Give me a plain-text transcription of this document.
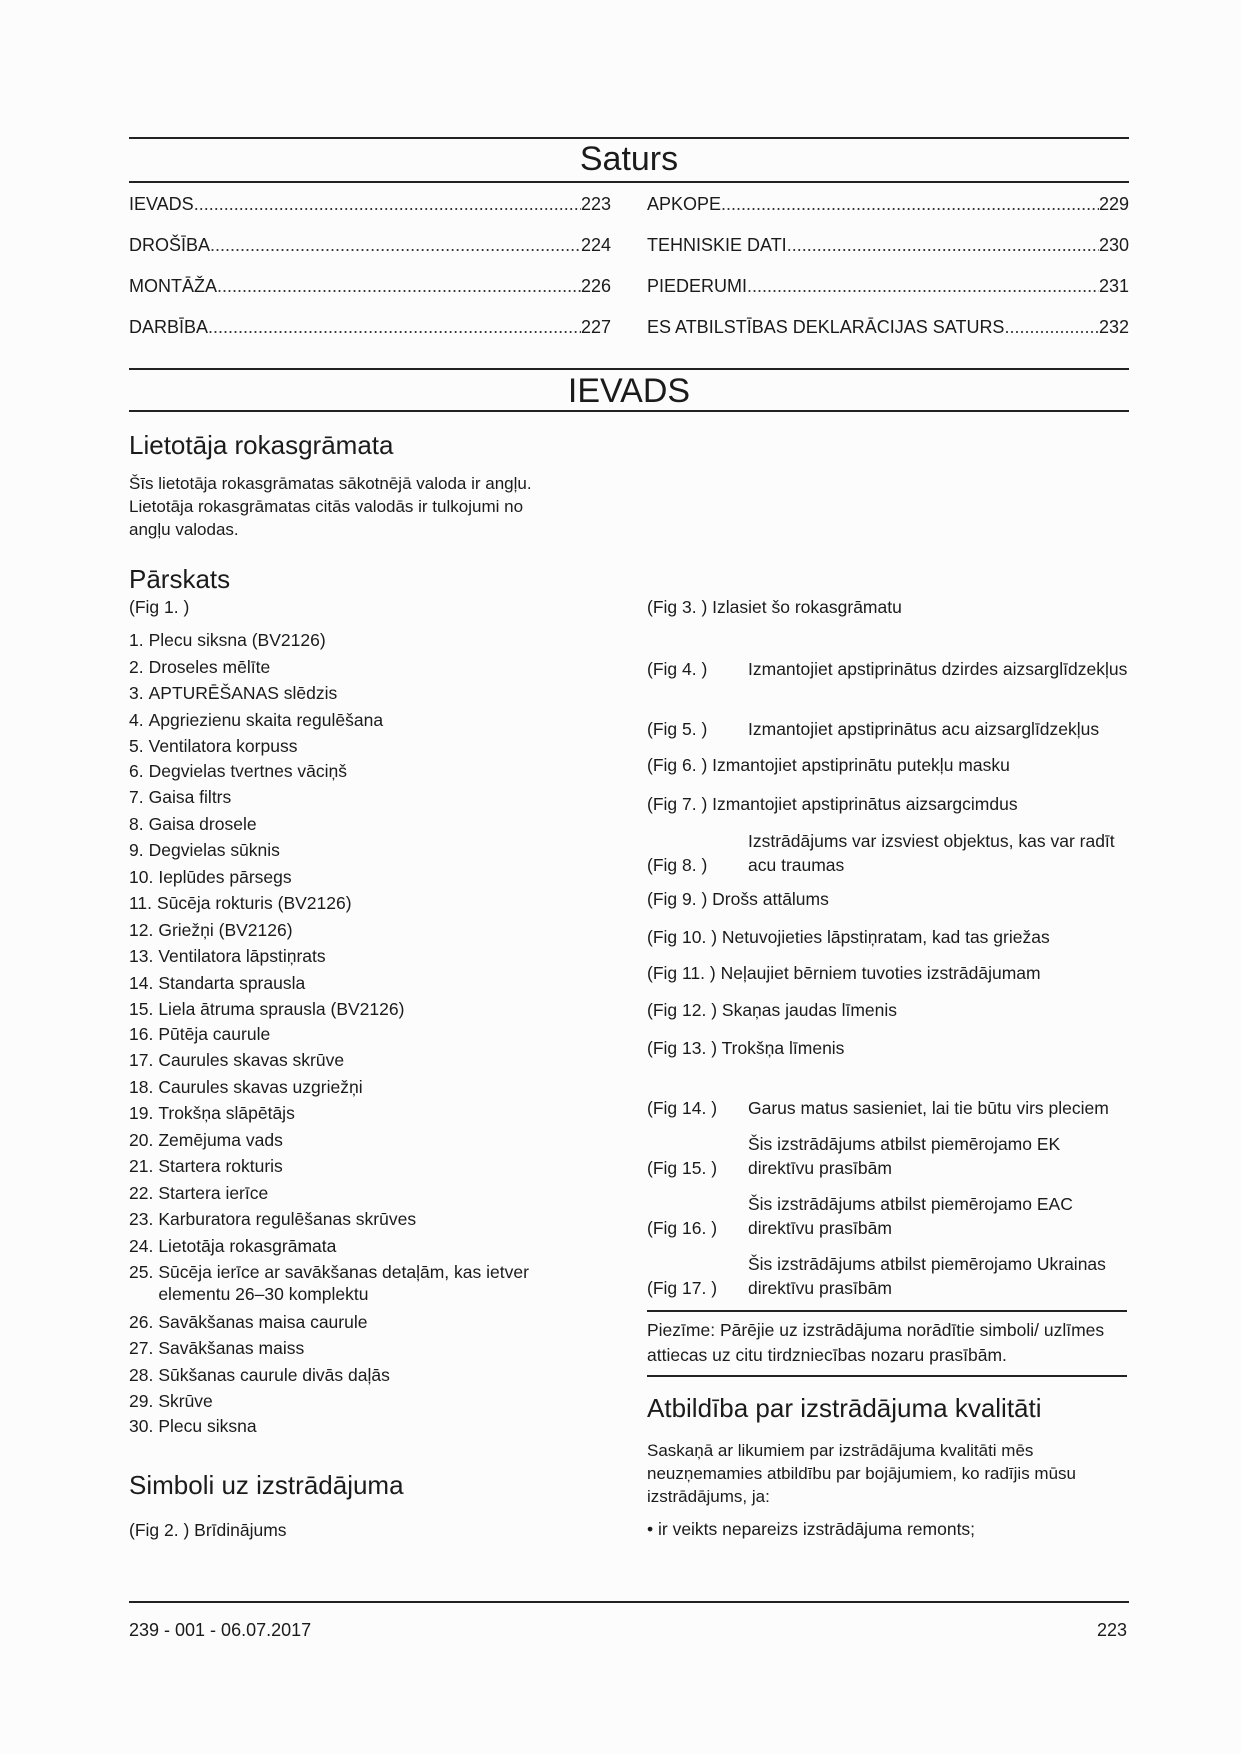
Saturs
IEVADS .....	223
DROŠĪBA .....	224
MONTĀŽA .....	226
DARBĪBA .....	227
APKOPE .....	229
TEHNISKIE DATI .....	230
PIEDERUMI .....	231
ES ATBILSTĪBAS DEKLARĀCIJAS SATURS .....	232
IEVADS
Lietotāja rokasgrāmata
Šīs lietotāja rokasgrāmatas sākotnējā valoda ir angļu.
Lietotāja rokasgrāmatas citās valodās ir tulkojumi no
angļu valodas.
Pārskats
(Fig 1. )
1. Plecu siksna (BV2126)
2. Droseles mēlīte
3. APTURĒŠANAS slēdzis
4. Apgriezienu skaita regulēšana
5. Ventilatora korpuss
6. Degvielas tvertnes vāciņš
7. Gaisa filtrs
8. Gaisa drosele
9. Degvielas sūknis
10. Ieplūdes pārsegs
11. Sūcēja rokturis (BV2126)
12. Griežņi (BV2126)
13. Ventilatora lāpstiņrats
14. Standarta sprausla
15. Liela ātruma sprausla (BV2126)
16. Pūtēja caurule
17. Caurules skavas skrūve
18. Caurules skavas uzgriežņi
19. Trokšņa slāpētājs
20. Zemējuma vads
21. Startera rokturis
22. Startera ierīce
23. Karburatora regulēšanas skrūves
24. Lietotāja rokasgrāmata
25. Sūcēja ierīce ar savākšanas detaļām, kas ietver elementu 26–30 komplektu
26. Savākšanas maisa caurule
27. Savākšanas maiss
28. Sūkšanas caurule divās daļās
29. Skrūve
30. Plecu siksna
Simboli uz izstrādājuma
(Fig 2. ) Brīdinājums
(Fig 3. ) Izlasiet šo rokasgrāmatu
(Fig 4. ) Izmantojiet apstiprinātus dzirdes aizsarglīdzekļus
(Fig 5. ) Izmantojiet apstiprinātus acu aizsarglīdzekļus
(Fig 6. ) Izmantojiet apstiprinātu putekļu masku
(Fig 7. ) Izmantojiet apstiprinātus aizsargcimdus
(Fig 8. )
Izstrādājums var izsviest objektus, kas var radīt acu traumas
(Fig 9. ) Drošs attālums
(Fig 10. ) Netuvojieties lāpstiņratam, kad tas griežas
(Fig 11. ) Neļaujiet bērniem tuvoties izstrādājumam
(Fig 12. ) Skaņas jaudas līmenis
(Fig 13. ) Trokšņa līmenis
(Fig 14. ) Garus matus sasieniet, lai tie būtu virs pleciem
(Fig 15. )
Šis izstrādājums atbilst piemērojamo EK direktīvu prasībām
(Fig 16. )
Šis izstrādājums atbilst piemērojamo EAC direktīvu prasībām
(Fig 17. )
Šis izstrādājums atbilst piemērojamo Ukrainas direktīvu prasībām
Piezīme: Pārējie uz izstrādājuma norādītie simboli/ uzlīmes attiecas uz citu tirdzniecības nozaru prasībām.
Atbildība par izstrādājuma kvalitāti
Saskaņā ar likumiem par izstrādājuma kvalitāti mēs neuzņemamies atbildību par bojājumiem, ko radījis mūsu izstrādājums, ja:
• ir veikts nepareizs izstrādājuma remonts;
239 - 001 - 06.07.2017	223
